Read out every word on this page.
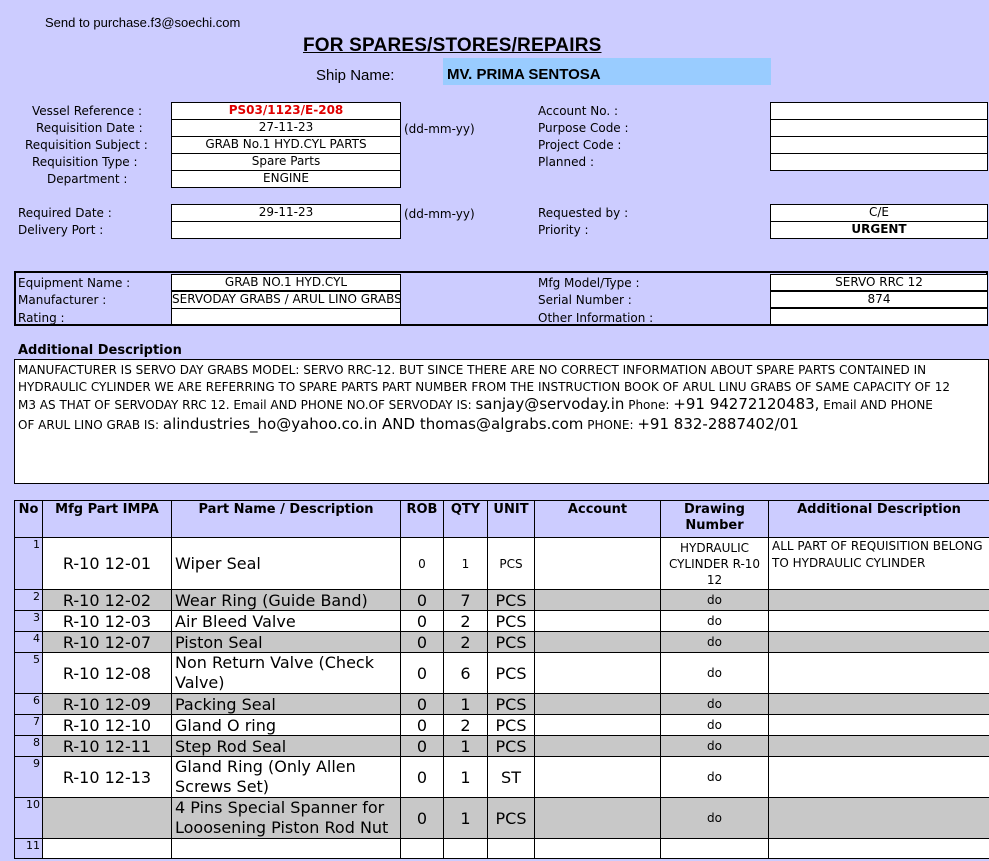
Send to purchase.f3@soechi.com
FOR SPARES/STORES/REPAIRS
Ship Name:	MV. PRIMA SENTOSA
Vessel Reference :	PS03/1123/E-208
Requisition Date :	27-11-23	(dd-mm-yy)
Requisition Subject :	GRAB No.1 HYD.CYL PARTS
Requisition Type :	Spare Parts
Department :	ENGINE
Account No. :
Purpose Code :
Project Code :
Planned :
Required Date :	29-11-23	(dd-mm-yy)
Delivery Port :
Requested by :	C/E
Priority :	URGENT
Equipment Name :	GRAB NO.1 HYD.CYL
Manufacturer :	SERVODAY GRABS / ARUL LINO GRABS
Rating :
Mfg Model/Type :	SERVO RRC 12
Serial Number :	874
Other Information :
Additional Description
MANUFACTURER IS SERVO DAY GRABS MODEL: SERVO RRC-12. BUT SINCE THERE ARE NO CORRECT INFORMATION ABOUT SPARE PARTS CONTAINED IN
HYDRAULIC CYLINDER WE ARE REFERRING TO SPARE PARTS PART NUMBER FROM THE INSTRUCTION BOOK OF ARUL LINU GRABS OF SAME CAPACITY OF 12
M3 AS THAT OF SERVODAY RRC 12. Email AND PHONE NO.OF SERVODAY IS: sanjay@servoday.in Phone: +91 94272120483, Email AND PHONE
OF ARUL LINO GRAB IS: alindustries_ho@yahoo.co.in AND thomas@algrabs.com PHONE: +91 832-2887402/01
No	Mfg Part IMPA	Part Name / Description	ROB	QTY	UNIT	Account	Drawing Number	Additional Description
1	R-10 12-01	Wiper Seal	0	1	PCS		HYDRAULIC CYLINDER R-10 12	ALL PART OF REQUISITION BELONG TO HYDRAULIC CYLINDER
2	R-10 12-02	Wear Ring (Guide Band)	0	7	PCS		do	
3	R-10 12-03	Air Bleed Valve	0	2	PCS		do	
4	R-10 12-07	Piston Seal	0	2	PCS		do	
5	R-10 12-08	Non Return Valve (Check Valve)	0	6	PCS		do	
6	R-10 12-09	Packing Seal	0	1	PCS		do	
7	R-10 12-10	Gland O ring	0	2	PCS		do	
8	R-10 12-11	Step Rod Seal	0	1	PCS		do	
9	R-10 12-13	Gland Ring (Only Allen Screws Set)	0	1	ST		do	
10		4 Pins Special Spanner for Looosening Piston Rod Nut	0	1	PCS		do	
11								
